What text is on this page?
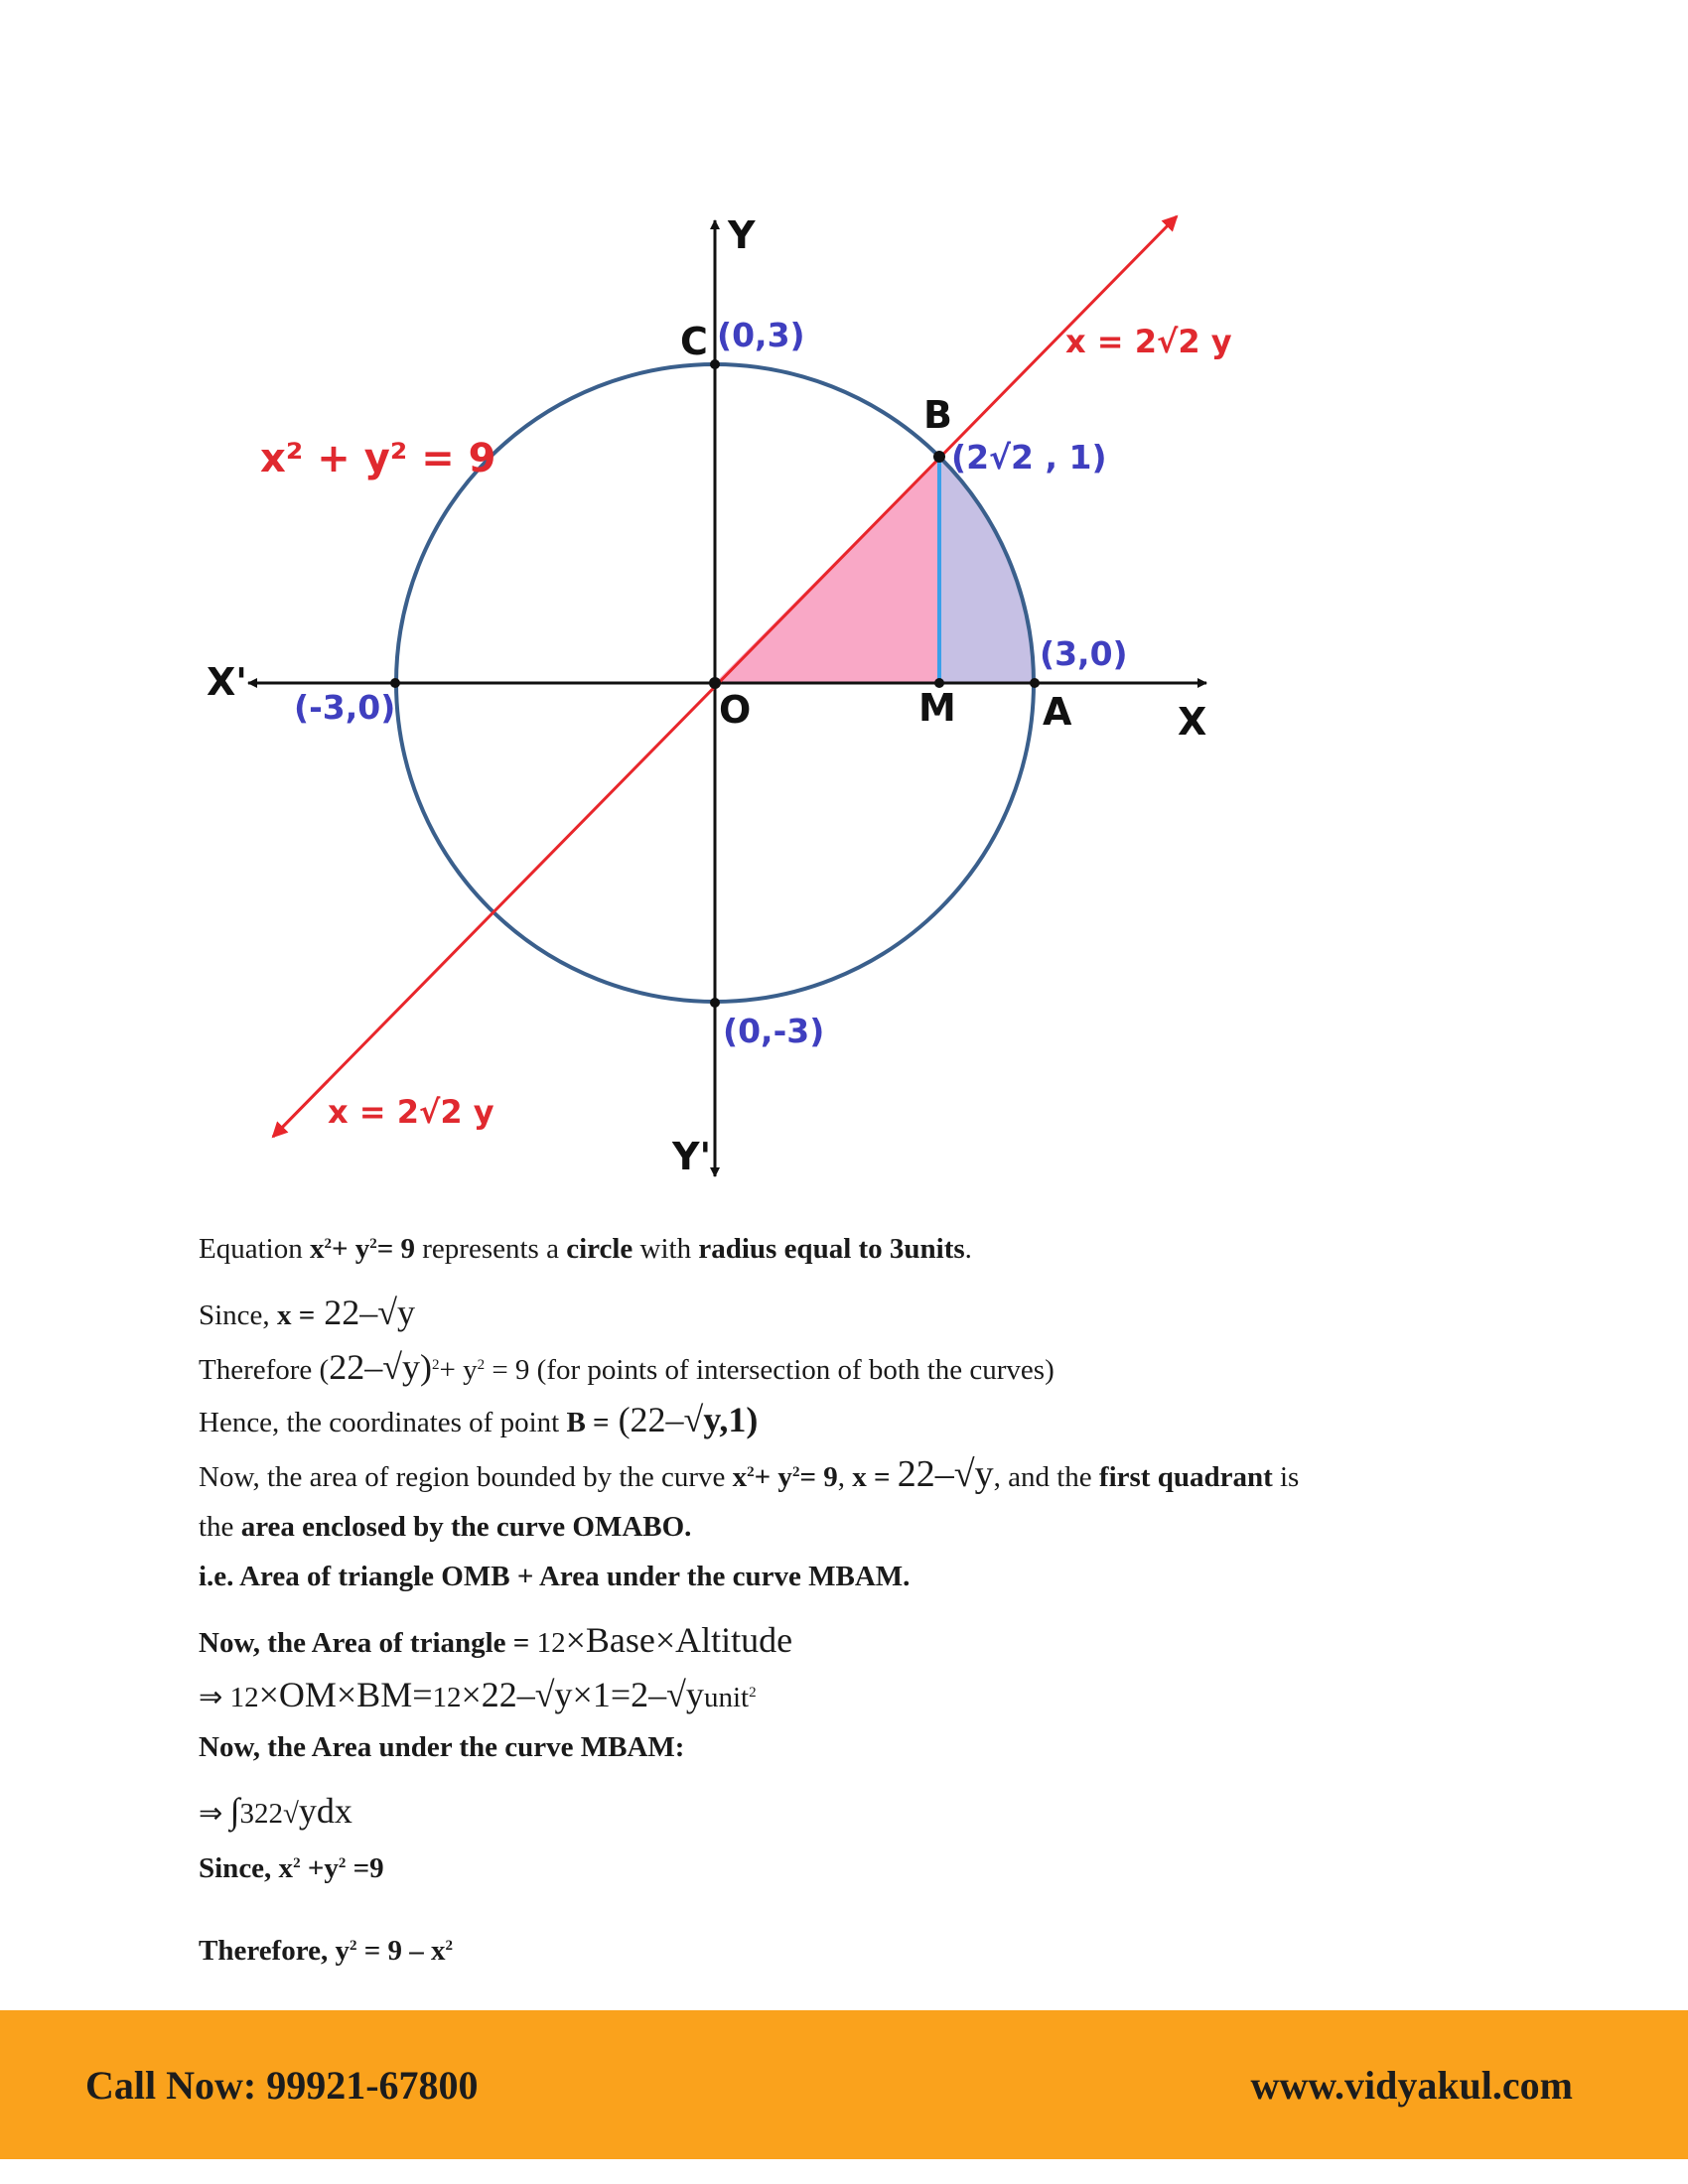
Y
Y'
X
X'
C
B
O	M A
(0,3)
(2√2 , 1)
(3,0)
(-3,0)
(0,-3)
x² + y² = 9
x = 2√2 y
x = 2√2 y
Equation $x^2+ y^2= 9$ represents a circle with radius equal to 3units.
Since, x = 22–√y
Therefore $(22-√y)^2+ y^2 = 9$ (for points of intersection of both the curves)
Hence, the coordinates of point B = (22–√y,1)
Now, the area of region bounded by the curve $x^2+ y^2= 9$, x = 22–√y, and the first quadrant is
the area enclosed by the curve OMABO.
i.e. Area of triangle OMB + Area under the curve MBAM.
Now, the Area of triangle = 12×Base×Altitude
⇒ 12×OM×BM=12×22–√y×1=2–√yunit$^2$
Now, the Area under the curve MBAM:
⇒ ∫322√ydx
Since, $x^2 +y^2 =9$
Therefore, $y^2 = 9 - x^2$
Call Now: 99921-67800	www.vidyakul.com
